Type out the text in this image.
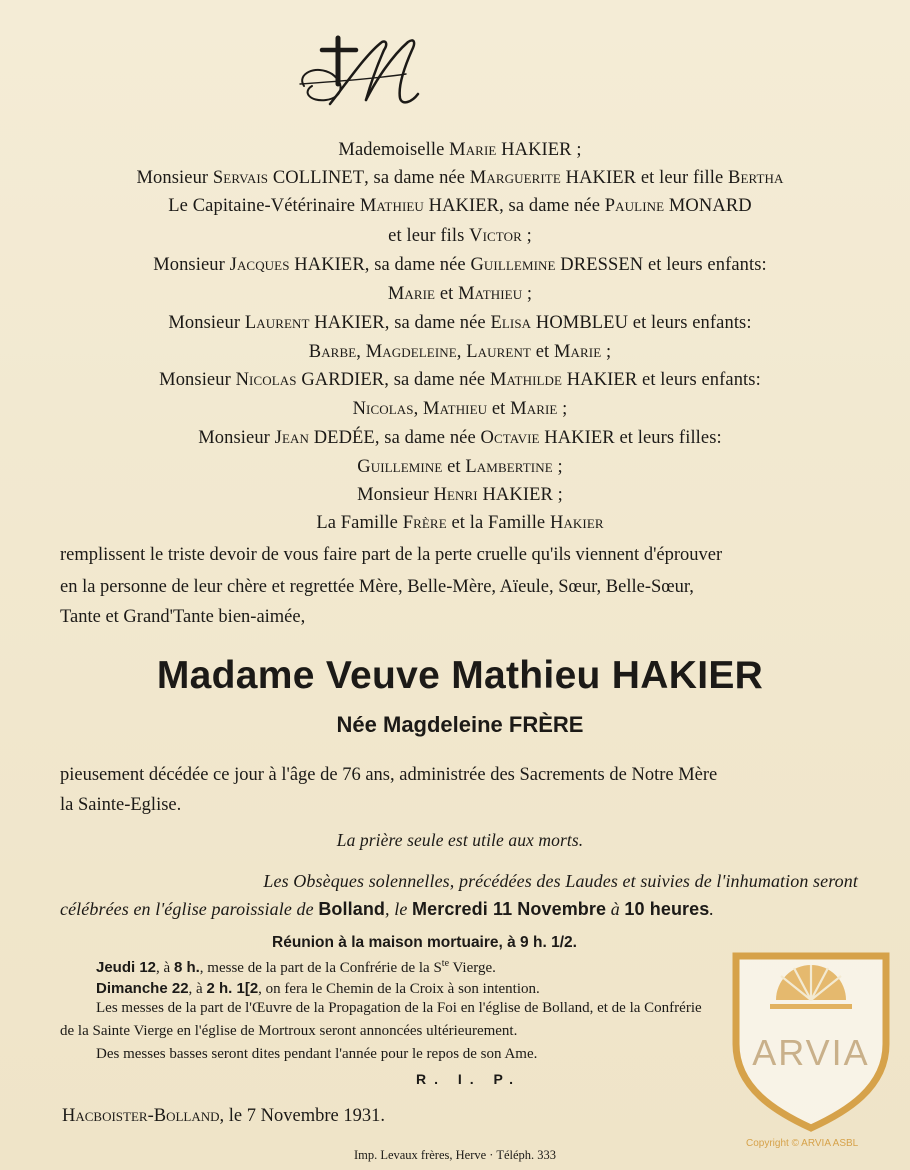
Mademoiselle Marie HAKIER ;
Monsieur Servais COLLINET, sa dame née Marguerite HAKIER et leur fille Bertha
Le Capitaine-Vétérinaire Mathieu HAKIER, sa dame née Pauline MONARD
et leur fils Victor ;
Monsieur Jacques HAKIER, sa dame née Guillemine DRESSEN et leurs enfants:
Marie et Mathieu ;
Monsieur Laurent HAKIER, sa dame née Elisa HOMBLEU et leurs enfants:
Barbe, Magdeleine, Laurent et Marie ;
Monsieur Nicolas GARDIER, sa dame née Mathilde HAKIER et leurs enfants:
Nicolas, Mathieu et Marie ;
Monsieur Jean DEDÉE, sa dame née Octavie HAKIER et leurs filles:
Guillemine et Lambertine ;
Monsieur Henri HAKIER ;
La Famille Frère et la Famille Hakier
remplissent le triste devoir de vous faire part de la perte cruelle qu'ils viennent d'éprouver
en la personne de leur chère et regrettée Mère, Belle-Mère, Aïeule, Sœur, Belle-Sœur,
Tante et Grand'Tante bien-aimée,
Madame Veuve Mathieu HAKIER
Née Magdeleine FRÈRE
pieusement décédée ce jour à l'âge de 76 ans, administrée des Sacrements de Notre Mère
la Sainte-Eglise.
La prière seule est utile aux morts.
Les Obsèques solennelles, précédées des Laudes et suivies de l'inhumation seront
célébrées en l'église paroissiale de Bolland, le Mercredi 11 Novembre à 10 heures.
Réunion à la maison mortuaire, à 9 h. 1/2.
Jeudi 12, à 8 h., messe de la part de la Confrérie de la $S^{te}$ Vierge.
Dimanche 22, à 2 h. 1[2, on fera le Chemin de la Croix à son intention.
Les messes de la part de l'Œuvre de la Propagation de la Foi en l'église de Bolland, et de la Confrérie
de la Sainte Vierge en l'église de Mortroux seront annoncées ultérieurement.
Des messes basses seront dites pendant l'année pour le repos de son Ame.
R. I. P.
Hacboister-Bolland, le 7 Novembre 1931.
Imp. Levaux frères, Herve · Téléph. 333
ARVIA
Copyright © ARVIA ASBL
